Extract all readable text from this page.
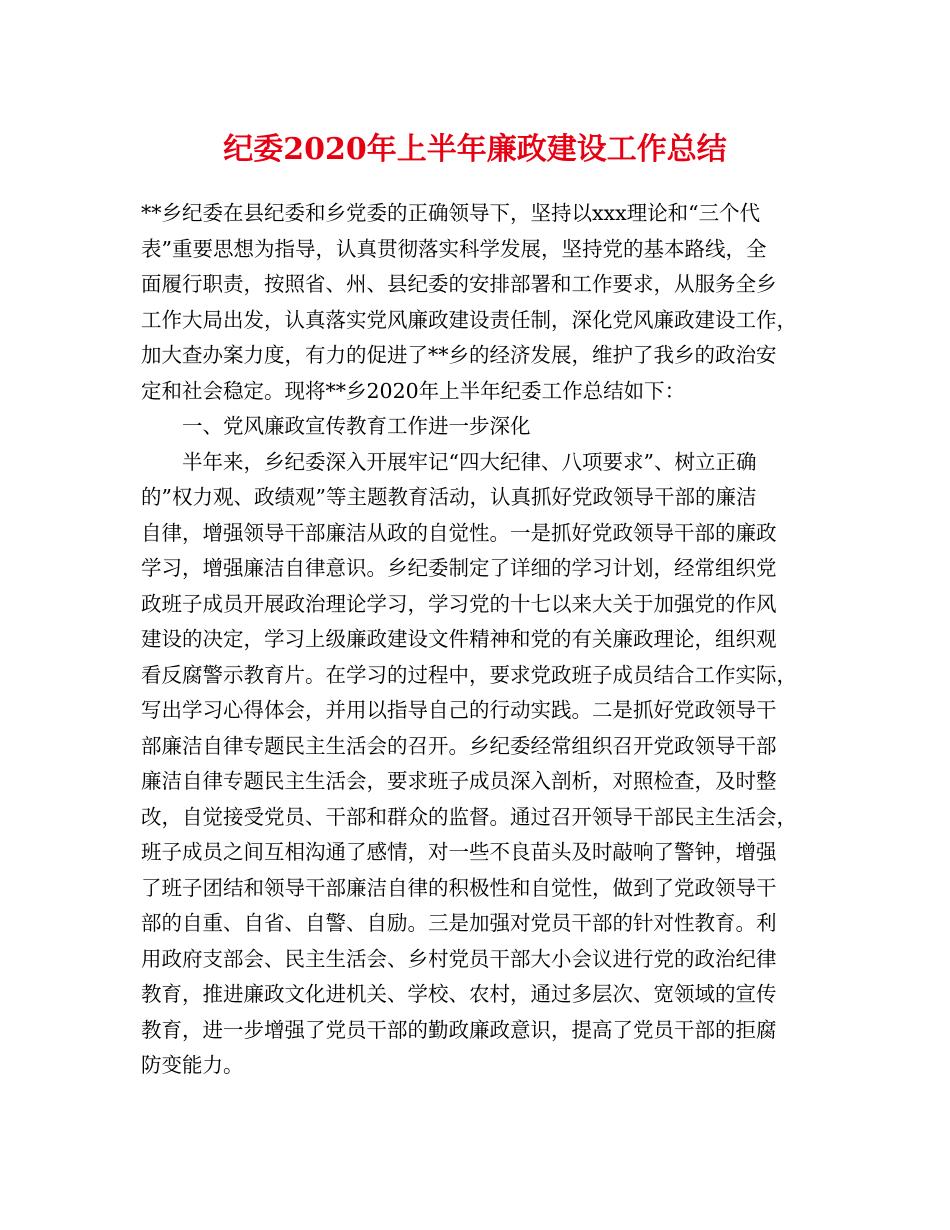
纪委2020年上半年廉政建设工作总结

**乡纪委在县纪委和乡党委的正确领导下，坚持以xxx理论和“三个代
表”重要思想为指导，认真贯彻落实科学发展，坚持党的基本路线，全
面履行职责，按照省、州、县纪委的安排部署和工作要求，从服务全乡
工作大局出发，认真落实党风廉政建设责任制，深化党风廉政建设工作，
加大查办案力度，有力的促进了**乡的经济发展，维护了我乡的政治安
定和社会稳定。现将**乡2020年上半年纪委工作总结如下：

一、党风廉政宣传教育工作进一步深化

半年来，乡纪委深入开展牢记“四大纪律、八项要求”、树立正确
的”权力观、政绩观”等主题教育活动，认真抓好党政领导干部的廉洁
自律，增强领导干部廉洁从政的自觉性。一是抓好党政领导干部的廉政
学习，增强廉洁自律意识。乡纪委制定了详细的学习计划，经常组织党
政班子成员开展政治理论学习，学习党的十七以来大关于加强党的作风
建设的决定，学习上级廉政建设文件精神和党的有关廉政理论，组织观
看反腐警示教育片。在学习的过程中，要求党政班子成员结合工作实际，
写出学习心得体会，并用以指导自己的行动实践。二是抓好党政领导干
部廉洁自律专题民主生活会的召开。乡纪委经常组织召开党政领导干部
廉洁自律专题民主生活会，要求班子成员深入剖析，对照检查，及时整
改，自觉接受党员、干部和群众的监督。通过召开领导干部民主生活会，
班子成员之间互相沟通了感情，对一些不良苗头及时敲响了警钟，增强
了班子团结和领导干部廉洁自律的积极性和自觉性，做到了党政领导干
部的自重、自省、自警、自励。三是加强对党员干部的针对性教育。利
用政府支部会、民主生活会、乡村党员干部大小会议进行党的政治纪律
教育，推进廉政文化进机关、学校、农村，通过多层次、宽领域的宣传
教育，进一步增强了党员干部的勤政廉政意识，提高了党员干部的拒腐
防变能力。
